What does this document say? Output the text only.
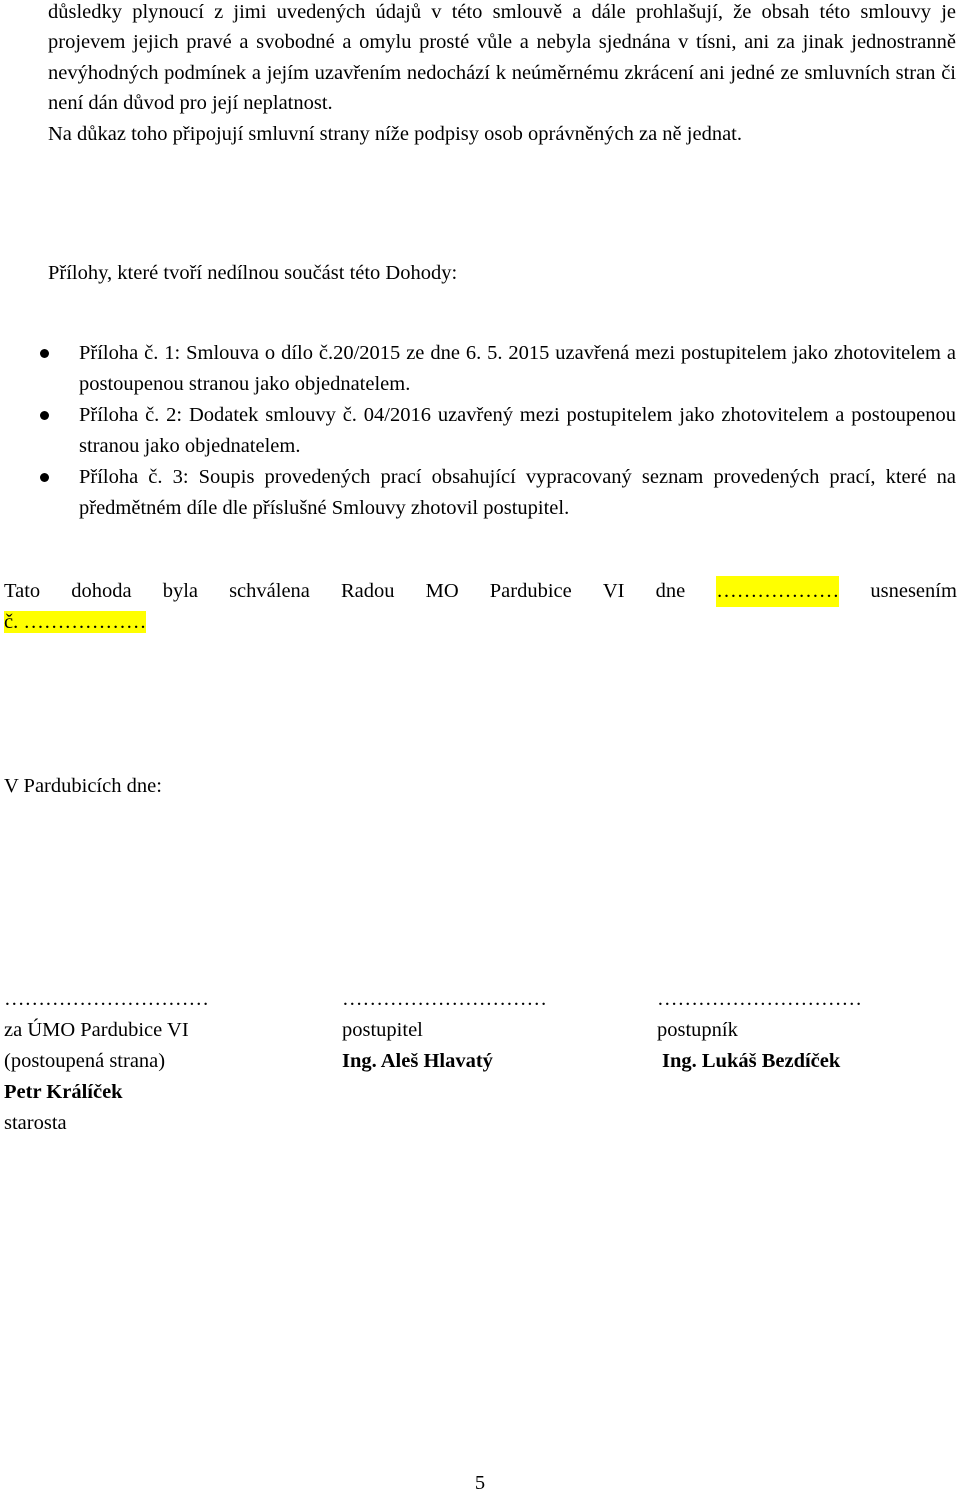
důsledky plynoucí z jimi uvedených údajů v této smlouvě a dále prohlašují, že obsah této smlouvy je projevem jejich pravé a svobodné a omylu prosté vůle a nebyla sjednána v tísni, ani za jinak jednostranně nevýhodných podmínek a jejím uzavřením nedochází k neúměrnému zkrácení ani jedné ze smluvních stran či není dán důvod pro její neplatnost.
Na důkaz toho připojují smluvní strany níže podpisy osob oprávněných za ně jednat.
Přílohy, které tvoří nedílnou součást této Dohody:
Příloha č. 1: Smlouva o dílo č.20/2015 ze dne 6. 5. 2015 uzavřená mezi postupitelem jako zhotovitelem a postoupenou stranou jako objednatelem.
Příloha č. 2: Dodatek smlouvy č. 04/2016 uzavřený mezi postupitelem jako zhotovitelem a postoupenou stranou jako objednatelem.
Příloha č. 3: Soupis provedených prací obsahující vypracovaný seznam provedených prací, které na předmětném díle dle příslušné Smlouvy zhotovil postupitel.
Tato dohoda byla schválena Radou MO Pardubice VI dne ……………… usnesením
č. ………………
V Pardubicích dne:
…………………………
za ÚMO Pardubice VI
(postoupená strana)
Petr Králíček
starosta
…………………………
postupitel
Ing. Aleš Hlavatý
…………………………
postupník
Ing. Lukáš Bezdíček
5
